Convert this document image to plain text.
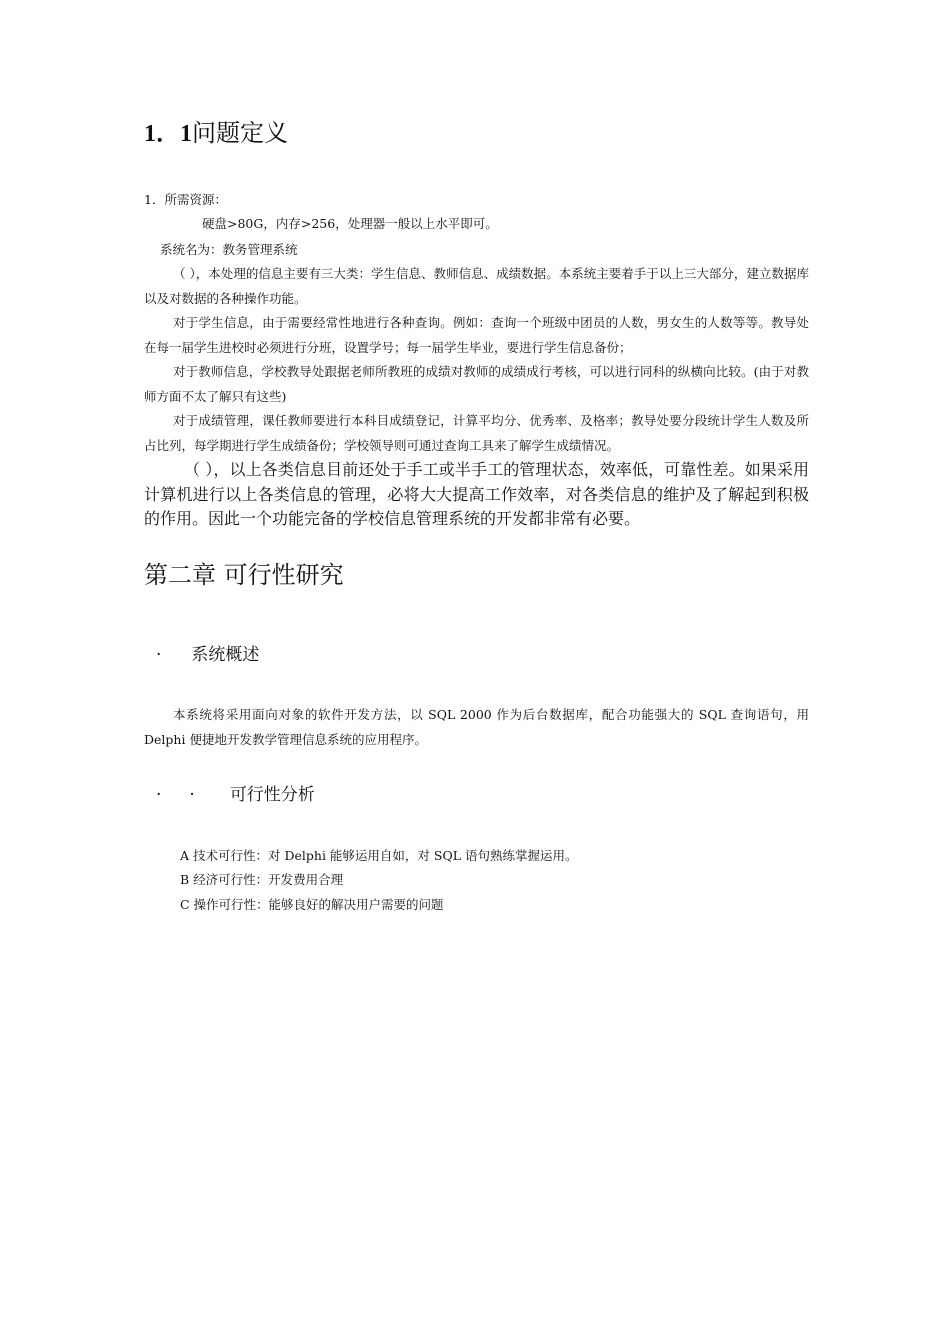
1．1问题定义
1．所需资源：
硬盘>80G，内存>256，处理器一般以上水平即可。
系统名为：教务管理系统

（ ），本处理的信息主要有三大类：学生信息、教师信息、成绩数据。本系统主要着手于以上三大部分，建立数据库以及对数据的各种操作功能。

对于学生信息，由于需要经常性地进行各种查询。例如：查询一个班级中团员的人数，男女生的人数等等。教导处在每一届学生进校时必须进行分班，设置学号；每一届学生毕业，要进行学生信息备份；

对于教师信息，学校教导处跟据老师所教班的成绩对教师的成绩成行考核，可以进行同科的纵横向比较。(由于对教师方面不太了解只有这些)

对于成绩管理，课任教师要进行本科目成绩登记，计算平均分、优秀率、及格率；教导处要分段统计学生人数及所占比列，每学期进行学生成绩备份；学校领导则可通过查询工具来了解学生成绩情况。

（ ），以上各类信息目前还处于手工或半手工的管理状态，效率低，可靠性差。如果采用计算机进行以上各类信息的管理，必将大大提高工作效率，对各类信息的维护及了解起到积极的作用。因此一个功能完备的学校信息管理系统的开发都非常有必要。

第二章 可行性研究
· 系统概述

本系统将采用面向对象的软件开发方法，以 SQL 2000 作为后台数据库，配合功能强大的 SQL 查询语句，用 Delphi 便捷地开发教学管理信息系统的应用程序。

· · 可行性分析
A 技术可行性：对 Delphi 能够运用自如，对 SQL 语句熟练掌握运用。
B 经济可行性：开发费用合理
C 操作可行性：能够良好的解决用户需要的问题
